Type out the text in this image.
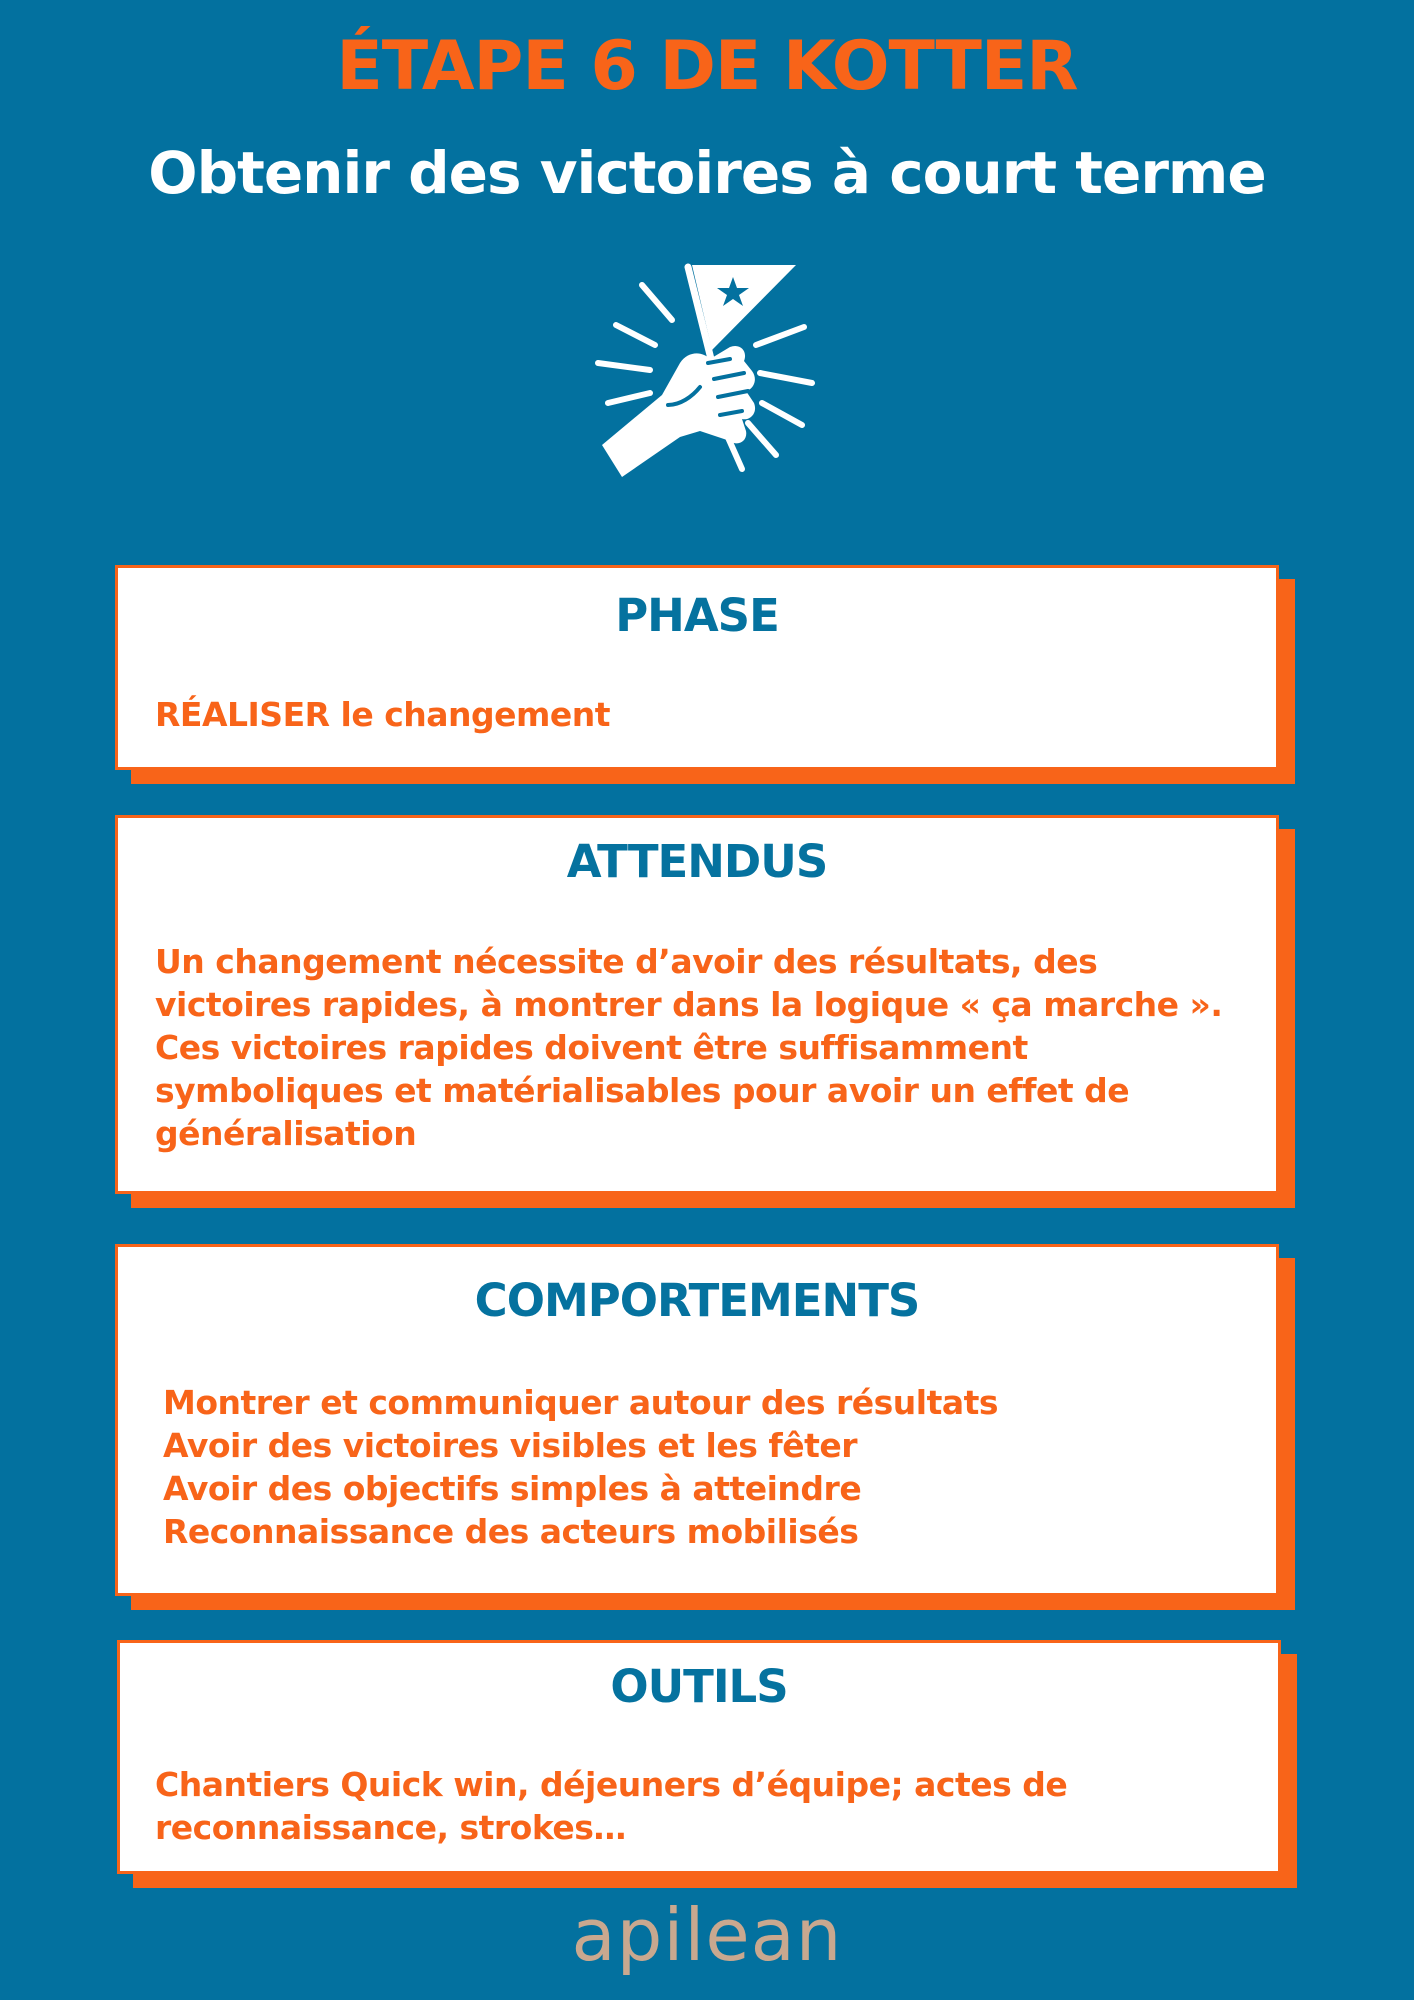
ÉTAPE 6 DE KOTTER
Obtenir des victoires à court terme
PHASE
RÉALISER le changement
ATTENDUS
Un changement nécessite d’avoir des résultats, des
victoires rapides, à montrer dans la logique « ça marche ».
Ces victoires rapides doivent être suffisamment
symboliques et matérialisables pour avoir un effet de
généralisation
COMPORTEMENTS
Montrer et communiquer autour des résultats
Avoir des victoires visibles et les fêter
Avoir des objectifs simples à atteindre
Reconnaissance des acteurs mobilisés
OUTILS
Chantiers Quick win, déjeuners d’équipe; actes de
reconnaissance, strokes…
apilean
